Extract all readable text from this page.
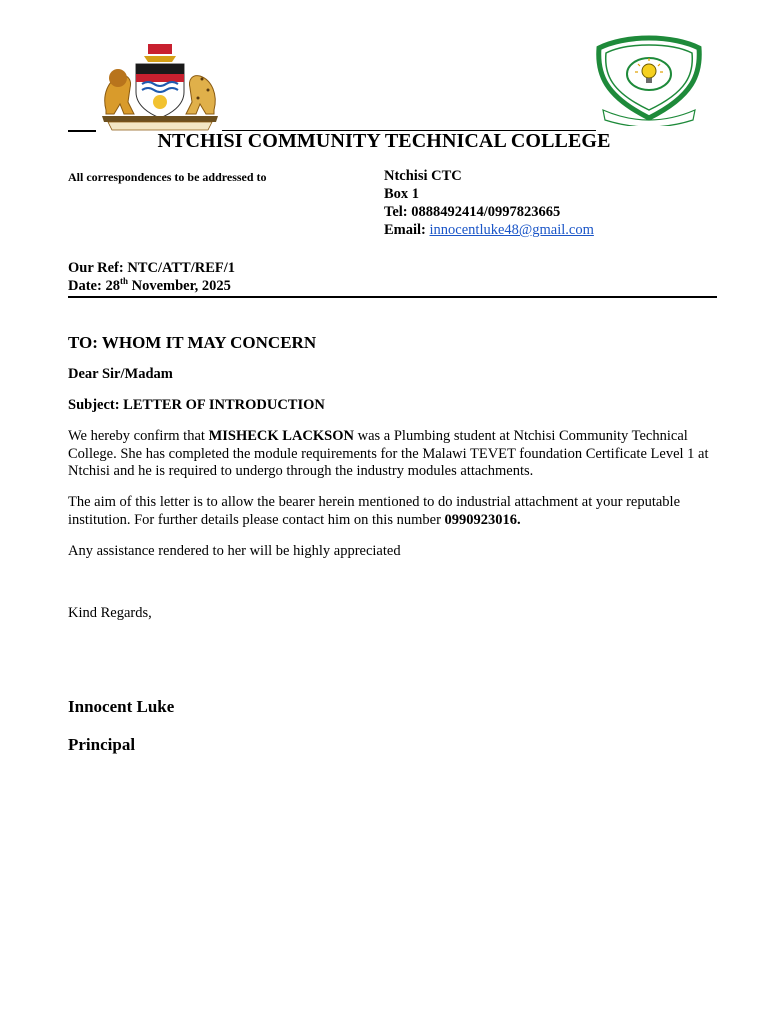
NTCHISI COMMUNITY TECHNICAL COLLEGE
All correspondences to be addressed to	Ntchisi CTC
Box 1
Tel: 0888492414/0997823665
Email: innocentluke48@gmail.com
Our Ref: NTC/ATT/REF/1
Date: 28th November, 2025
TO: WHOM IT MAY CONCERN
Dear Sir/Madam
Subject: LETTER OF INTRODUCTION
We hereby confirm that MISHECK LACKSON was a Plumbing student at Ntchisi Community Technical College. She has completed the module requirements for the Malawi TEVET foundation Certificate Level 1 at Ntchisi and he is required to undergo through the industry modules attachments.
The aim of this letter is to allow the bearer herein mentioned to do industrial attachment at your reputable institution. For further details please contact him on this number 0990923016.
Any assistance rendered to her will be highly appreciated
Kind Regards,
Innocent Luke
Principal
